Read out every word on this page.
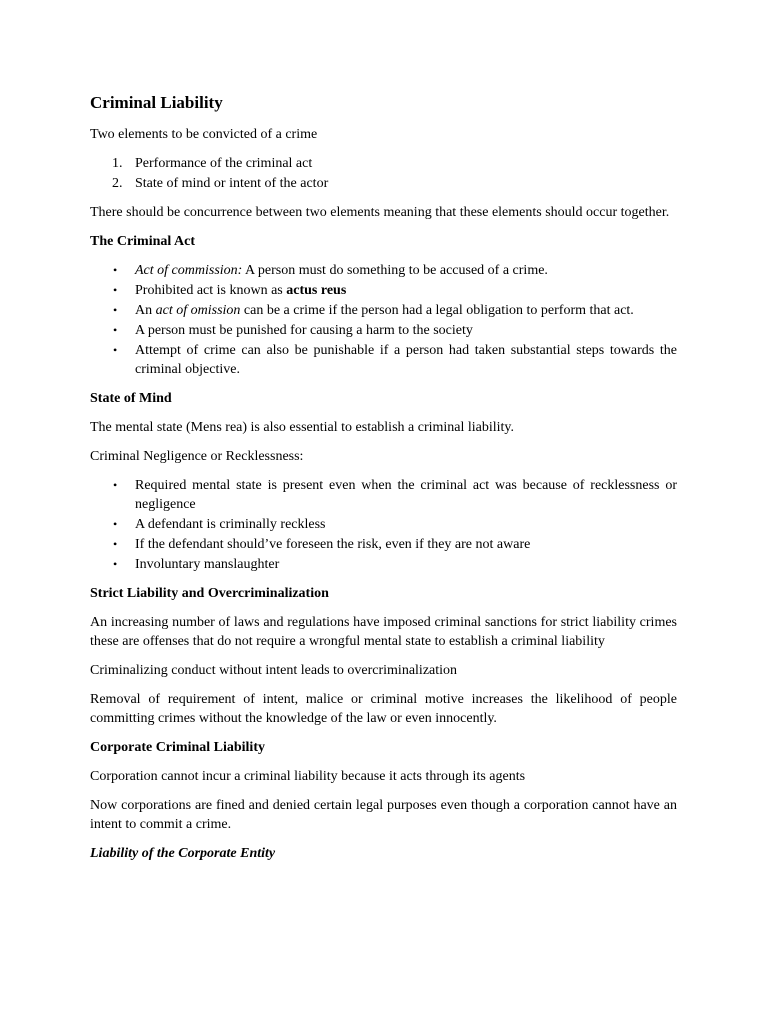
Criminal Liability

Two elements to be convicted of a crime

1. Performance of the criminal act
2. State of mind or intent of the actor

There should be concurrence between two elements meaning that these elements should occur together.

The Criminal Act
• Act of commission: A person must do something to be accused of a crime.
• Prohibited act is known as actus reus
• An act of omission can be a crime if the person had a legal obligation to perform that act.
• A person must be punished for causing a harm to the society
• Attempt of crime can also be punishable if a person had taken substantial steps towards the criminal objective.
State of Mind

The mental state (Mens rea) is also essential to establish a criminal liability.

Criminal Negligence or Recklessness:

• Required mental state is present even when the criminal act was because of recklessness or negligence
• A defendant is criminally reckless
• If the defendant should’ve foreseen the risk, even if they are not aware
• Involuntary manslaughter
Strict Liability and Overcriminalization

An increasing number of laws and regulations have imposed criminal sanctions for strict liability crimes these are offenses that do not require a wrongful mental state to establish a criminal liability

Criminalizing conduct without intent leads to overcriminalization

Removal of requirement of intent, malice or criminal motive increases the likelihood of people committing crimes without the knowledge of the law or even innocently.

Corporate Criminal Liability

Corporation cannot incur a criminal liability because it acts through its agents

Now corporations are fined and denied certain legal purposes even though a corporation cannot have an intent to commit a crime.

Liability of the Corporate Entity
